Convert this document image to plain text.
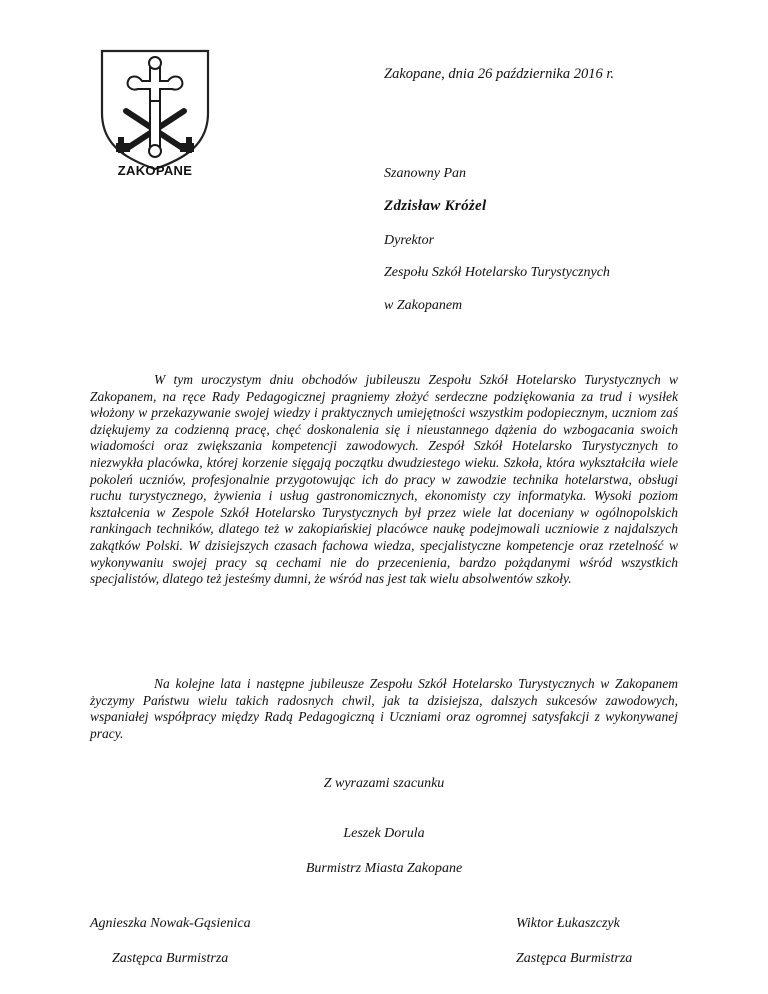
ZAKOPANE
Zakopane, dnia 26 października 2016 r.
Szanowny Pan
Zdzisław Króżel
Dyrektor
Zespołu Szkół Hotelarsko Turystycznych
w Zakopanem

W tym uroczystym dniu obchodów jubileuszu Zespołu Szkół Hotelarsko Turystycznych w Zakopanem, na ręce Rady Pedagogicznej pragniemy złożyć serdeczne podziękowania za trud i wysiłek włożony w przekazywanie swojej wiedzy i praktycznych umiejętności wszystkim podopiecznym, uczniom zaś dziękujemy za codzienną pracę, chęć doskonalenia się i nieustannego dążenia do wzbogacania swoich wiadomości oraz zwiększania kompetencji zawodowych. Zespół Szkół Hotelarsko Turystycznych to niezwykła placówka, której korzenie sięgają początku dwudziestego wieku. Szkoła, która wykształciła wiele pokoleń uczniów, profesjonalnie przygotowując ich do pracy w zawodzie technika hotelarstwa, obsługi ruchu turystycznego, żywienia i usług gastronomicznych, ekonomisty czy informatyka. Wysoki poziom kształcenia w Zespole Szkół Hotelarsko Turystycznych był przez wiele lat doceniany w ogólnopolskich rankingach techników, dlatego też w zakopiańskiej placówce naukę podejmowali uczniowie z najdalszych zakątków Polski. W dzisiejszych czasach fachowa wiedza, specjalistyczne kompetencje oraz rzetelność w wykonywaniu swojej pracy są cechami nie do przecenienia, bardzo pożądanymi wśród wszystkich specjalistów, dlatego też jesteśmy dumni, że wśród nas jest tak wielu absolwentów szkoły.

Na kolejne lata i następne jubileusze Zespołu Szkół Hotelarsko Turystycznych w Zakopanem życzymy Państwu wielu takich radosnych chwil, jak ta dzisiejsza, dalszych sukcesów zawodowych, wspaniałej współpracy między Radą Pedagogiczną i Uczniami oraz ogromnej satysfakcji z wykonywanej pracy.

Z wyrazami szacunku
Leszek Dorula
Burmistrz Miasta Zakopane
Agnieszka Nowak-Gąsienica
Zastępca Burmistrza
Wiktor Łukaszczyk
Zastępca Burmistrza
